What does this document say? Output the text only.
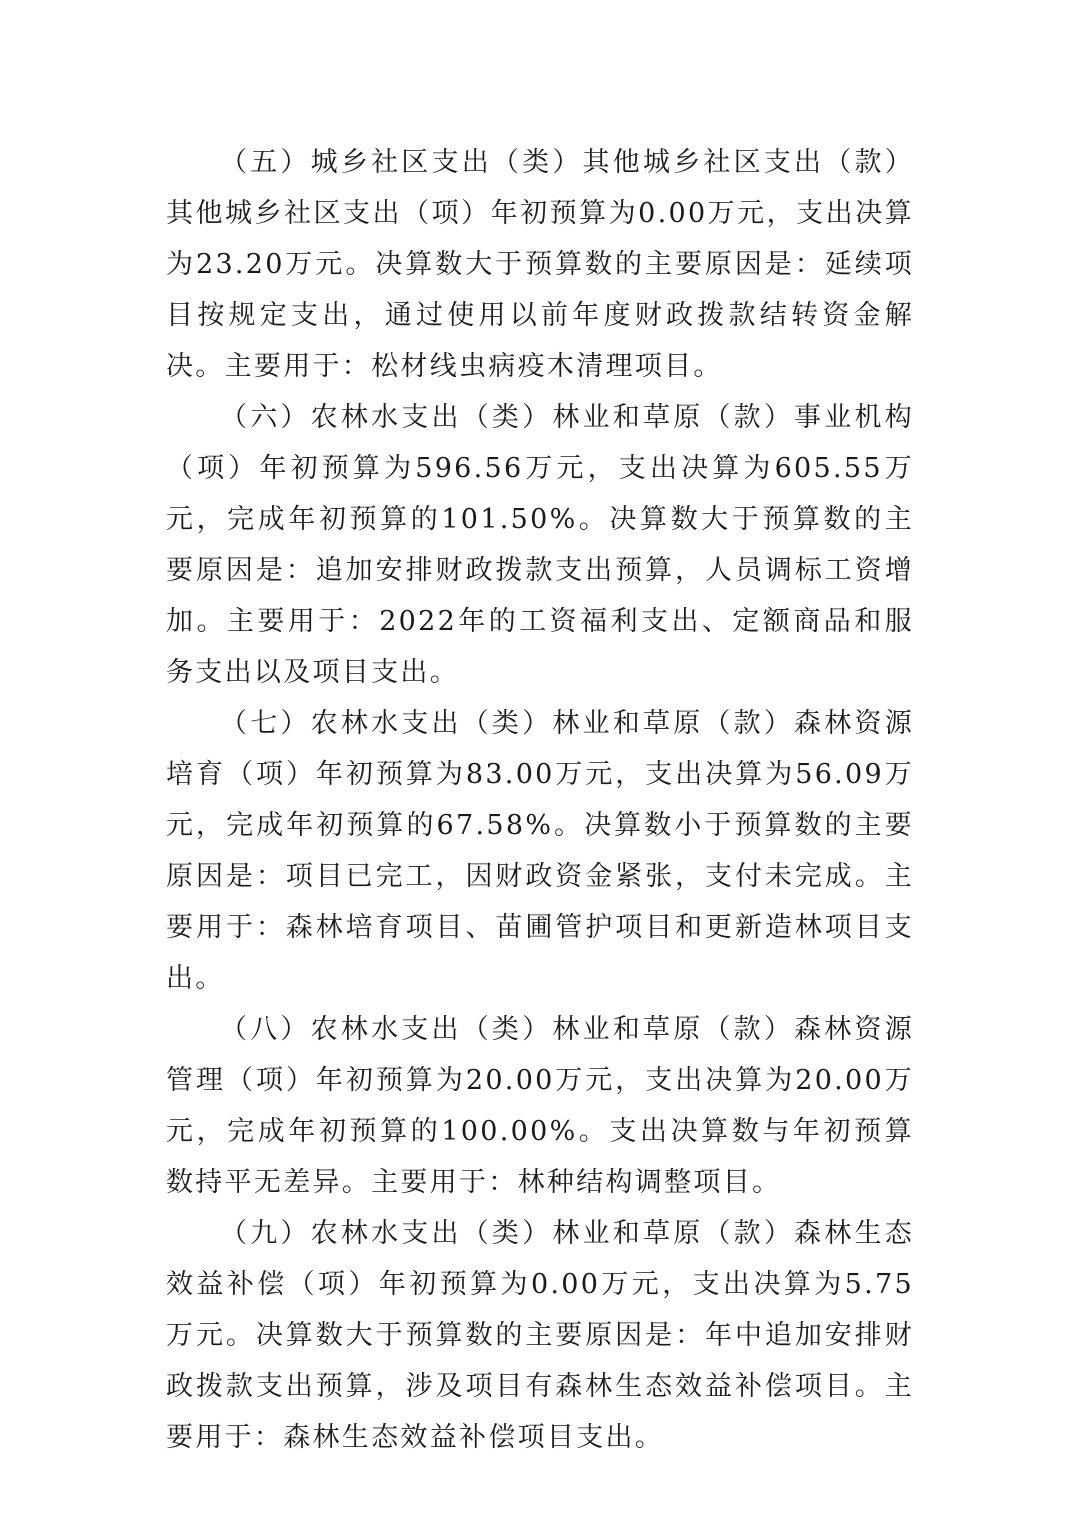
（五）城乡社区支出（类）其他城乡社区支出（款）其他城乡社区支出（项）年初预算为0.00万元，支出决算为23.20万元。决算数大于预算数的主要原因是：延续项目按规定支出，通过使用以前年度财政拨款结转资金解决。主要用于：松材线虫病疫木清理项目。

（六）农林水支出（类）林业和草原（款）事业机构（项）年初预算为596.56万元，支出决算为605.55万元，完成年初预算的101.50%。决算数大于预算数的主要原因是：追加安排财政拨款支出预算，人员调标工资增加。主要用于：2022年的工资福利支出、定额商品和服务支出以及项目支出。

（七）农林水支出（类）林业和草原（款）森林资源培育（项）年初预算为83.00万元，支出决算为56.09万元，完成年初预算的67.58%。决算数小于预算数的主要原因是：项目已完工，因财政资金紧张，支付未完成。主要用于：森林培育项目、苗圃管护项目和更新造林项目支出。

（八）农林水支出（类）林业和草原（款）森林资源管理（项）年初预算为20.00万元，支出决算为20.00万元，完成年初预算的100.00%。支出决算数与年初预算数持平无差异。主要用于：林种结构调整项目。

（九）农林水支出（类）林业和草原（款）森林生态效益补偿（项）年初预算为0.00万元，支出决算为5.75万元。决算数大于预算数的主要原因是：年中追加安排财政拨款支出预算，涉及项目有森林生态效益补偿项目。主要用于：森林生态效益补偿项目支出。
